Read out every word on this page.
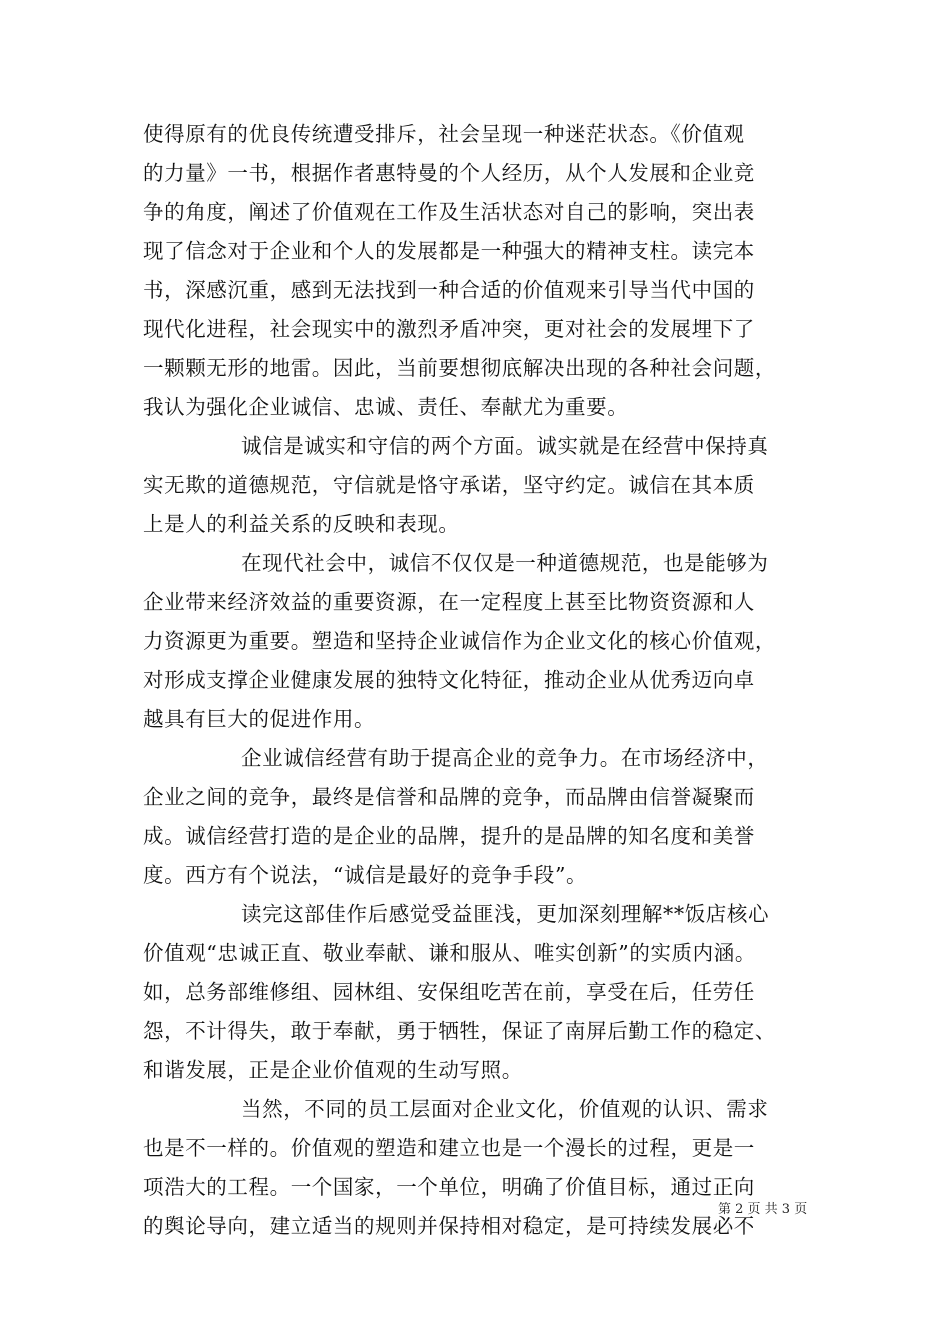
使得原有的优良传统遭受排斥，社会呈现一种迷茫状态。《价值观
的力量》一书，根据作者惠特曼的个人经历，从个人发展和企业竞
争的角度，阐述了价值观在工作及生活状态对自己的影响，突出表
现了信念对于企业和个人的发展都是一种强大的精神支柱。读完本
书，深感沉重，感到无法找到一种合适的价值观来引导当代中国的
现代化进程，社会现实中的激烈矛盾冲突，更对社会的发展埋下了
一颗颗无形的地雷。因此，当前要想彻底解决出现的各种社会问题，
我认为强化企业诚信、忠诚、责任、奉献尤为重要。

诚信是诚实和守信的两个方面。诚实就是在经营中保持真
实无欺的道德规范，守信就是恪守承诺，坚守约定。诚信在其本质
上是人的利益关系的反映和表现。

在现代社会中，诚信不仅仅是一种道德规范，也是能够为
企业带来经济效益的重要资源，在一定程度上甚至比物资资源和人
力资源更为重要。塑造和坚持企业诚信作为企业文化的核心价值观，
对形成支撑企业健康发展的独特文化特征，推动企业从优秀迈向卓
越具有巨大的促进作用。

企业诚信经营有助于提高企业的竞争力。在市场经济中，
企业之间的竞争，最终是信誉和品牌的竞争，而品牌由信誉凝聚而
成。诚信经营打造的是企业的品牌，提升的是品牌的知名度和美誉
度。西方有个说法，“诚信是最好的竞争手段”。

读完这部佳作后感觉受益匪浅，更加深刻理解**饭店核心
价值观“忠诚正直、敬业奉献、谦和服从、唯实创新”的实质内涵。
如，总务部维修组、园林组、安保组吃苦在前，享受在后，任劳任
怨，不计得失，敢于奉献，勇于牺牲，保证了南屏后勤工作的稳定、
和谐发展，正是企业价值观的生动写照。

当然，不同的员工层面对企业文化，价值观的认识、需求
也是不一样的。价值观的塑造和建立也是一个漫长的过程，更是一
项浩大的工程。一个国家，一个单位，明确了价值目标，通过正向
的舆论导向，建立适当的规则并保持相对稳定，是可持续发展必不

第 2 页 共 3 页
